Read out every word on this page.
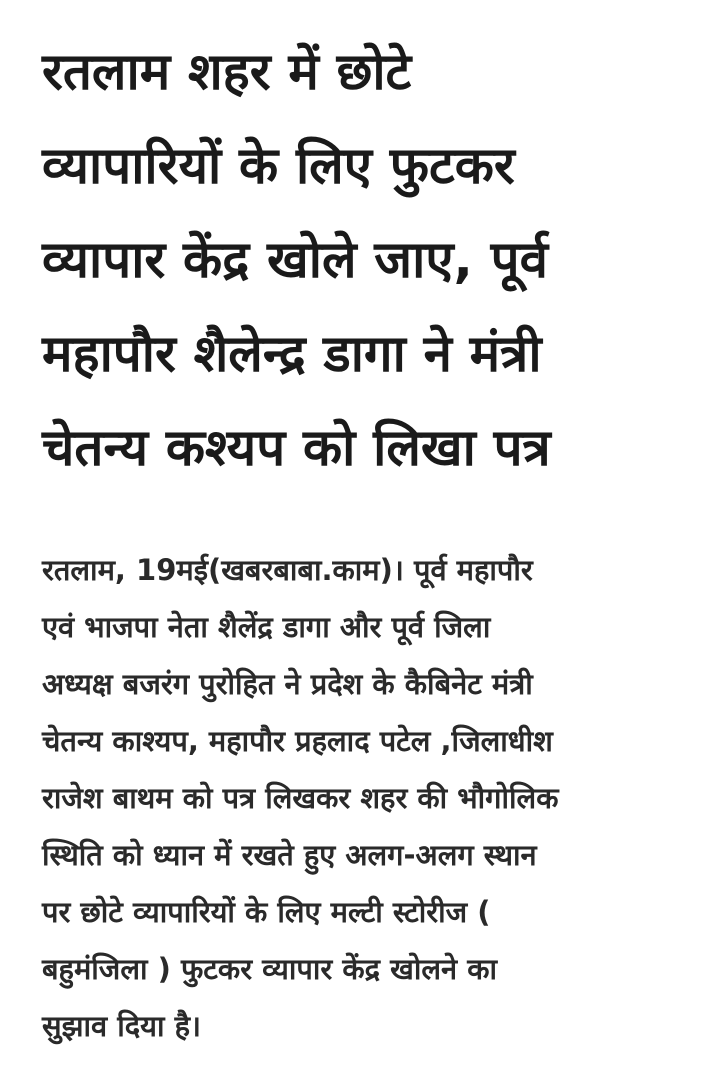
रतलाम शहर में छोटे
व्यापारियों के लिए फुटकर
व्यापार केंद्र खोले जाए, पूर्व
महापौर शैलेन्द्र डागा ने मंत्री
चेतन्य कश्यप को लिखा पत्र

रतलाम, 19मई(खबरबाबा.काम)। पूर्व महापौर
एवं भाजपा नेता शैलेंद्र डागा और पूर्व जिला
अध्यक्ष बजरंग पुरोहित ने प्रदेश के कैबिनेट मंत्री
चेतन्य काश्यप, महापौर प्रहलाद पटेल ,जिलाधीश
राजेश बाथम को पत्र लिखकर शहर की भौगोलिक
स्थिति को ध्यान में रखते हुए अलग-अलग स्थान
पर छोटे व्यापारियों के लिए मल्टी स्टोरीज (
बहुमंजिला ) फुटकर व्यापार केंद्र खोलने का
सुझाव दिया है।
